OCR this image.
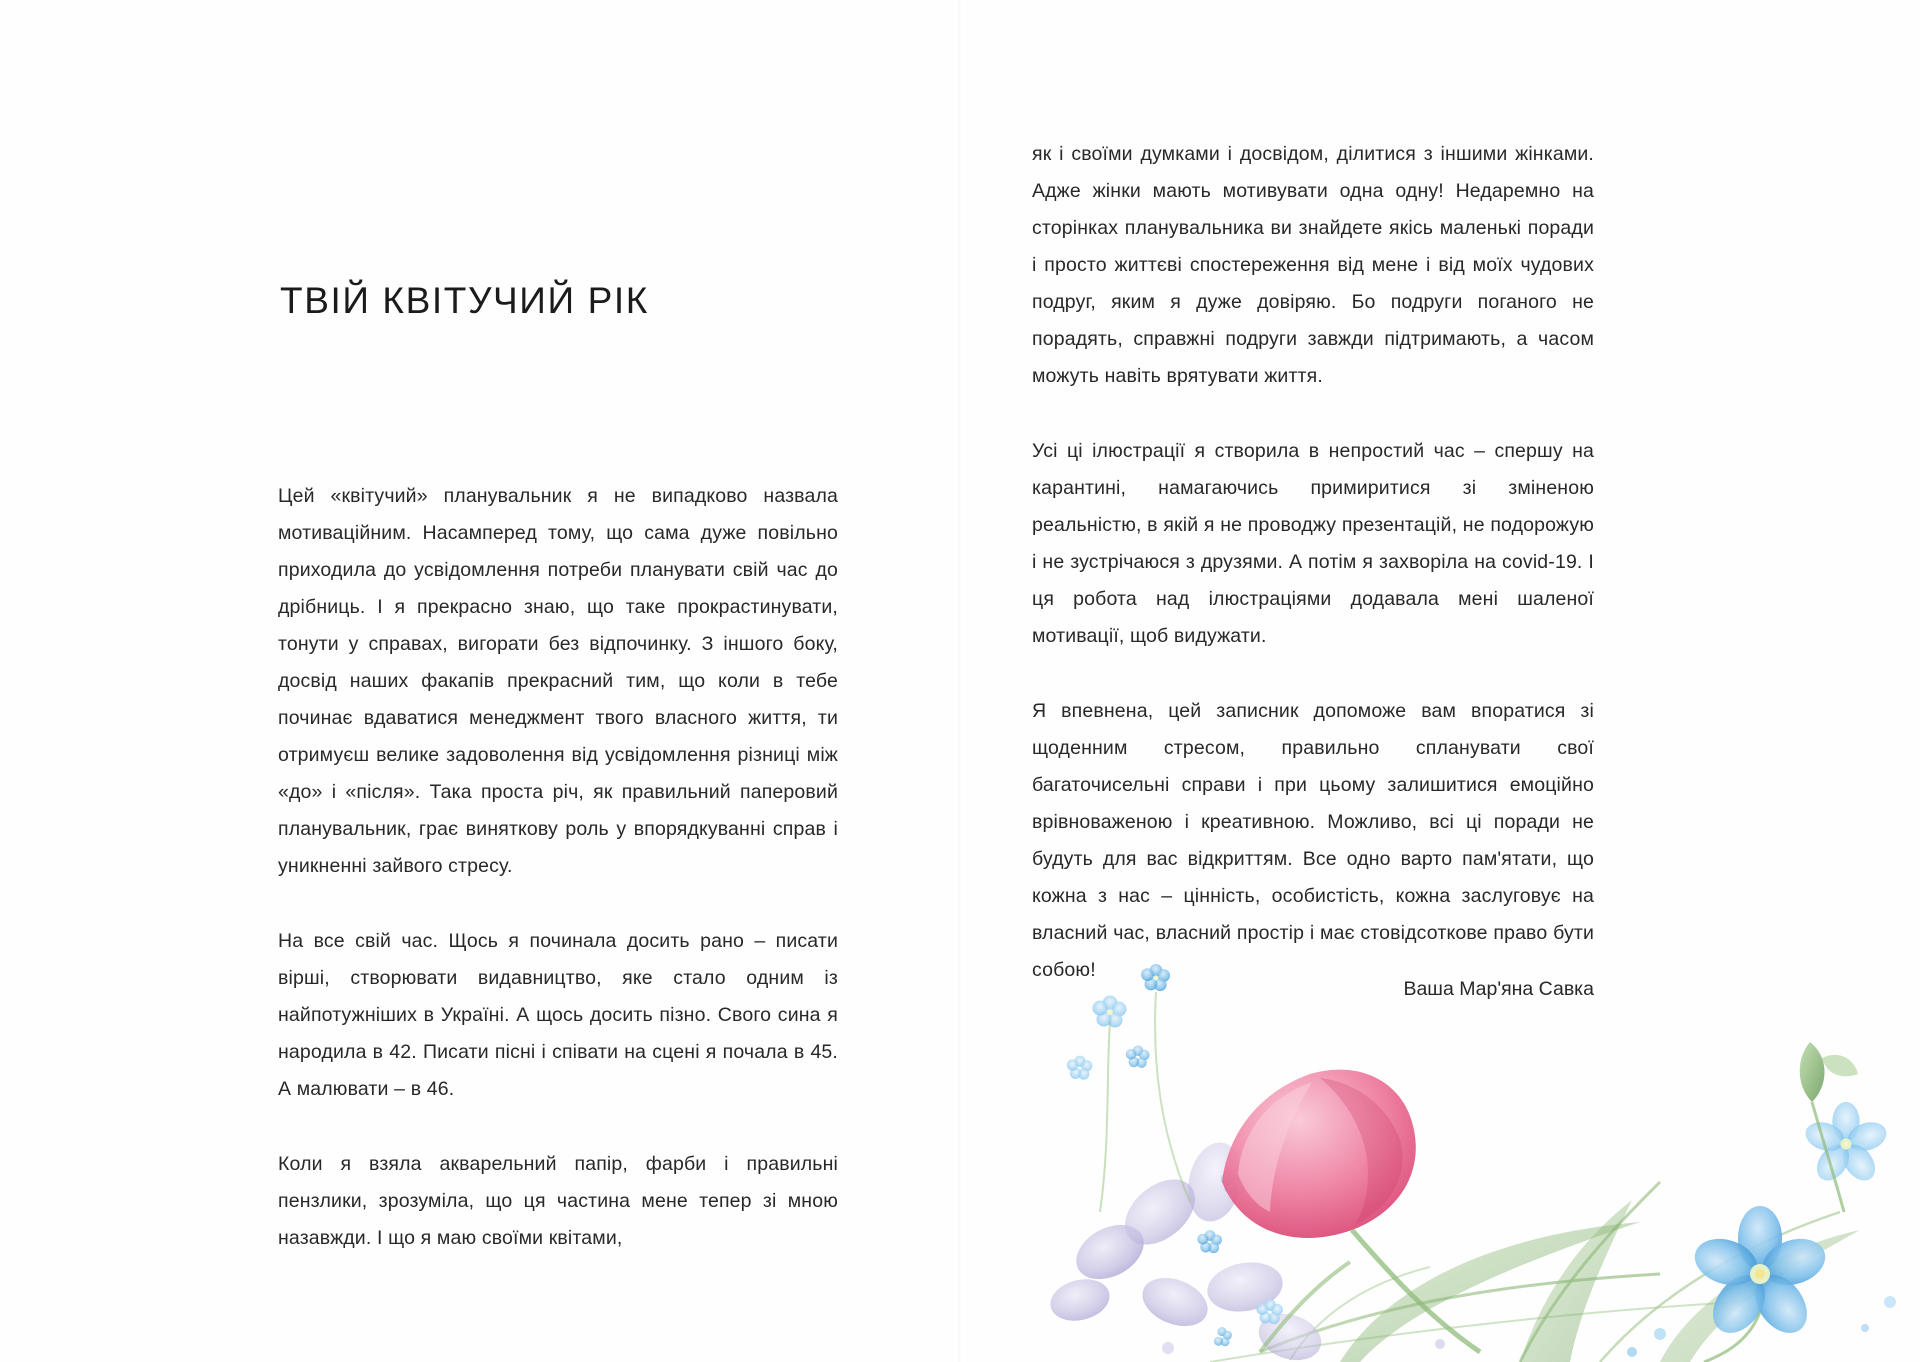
ТВІЙ КВІТУЧИЙ РІК

Цей «квітучий» планувальник я не випадково назвала мотиваційним. Насамперед тому, що сама дуже повільно приходила до усвідомлення потреби планувати свій час до дрібниць. І я прекрасно знаю, що таке прокрастинувати, тонути у справах, вигорати без відпочинку. З іншого боку, досвід наших факапів прекрасний тим, що коли в тебе починає вдаватися менеджмент твого власного життя, ти отримуєш велике задоволення від усвідомлення різниці між «до» і «після». Така проста річ, як правильний паперовий планувальник, грає виняткову роль у впорядкуванні справ і уникненні зайвого стресу.

На все свій час. Щось я починала досить рано – писати вірші, створювати видавництво, яке стало одним із найпотужніших в Україні. А щось досить пізно. Свого сина я народила в 42. Писати пісні і співати на сцені я почала в 45. А малювати – в 46.

Коли я взяла акварельний папір, фарби і правильні пензлики, зрозуміла, що ця частина мене тепер зі мною назавжди. І що я маю своїми квітами,

як і своїми думками і досвідом, ділитися з іншими жінками. Адже жінки мають мотивувати одна одну! Недаремно на сторінках планувальника ви знайдете якісь маленькі поради і просто життєві спостереження від мене і від моїх чудових подруг, яким я дуже довіряю. Бо подруги поганого не порадять, справжні подруги завжди підтримають, а часом можуть навіть врятувати життя.

Усі ці ілюстрації я створила в непростий час – спершу на карантині, намагаючись примиритися зі зміненою реальністю, в якій я не проводжу презентацій, не подорожую і не зустрічаюся з друзями. А потім я захворіла на covid-19. І ця робота над ілюстраціями додавала мені шаленої мотивації, щоб видужати.

Я впевнена, цей записник допоможе вам впоратися зі щоденним стресом, правильно спланувати свої багаточисельні справи і при цьому залишитися емоційно врівноваженою і креативною. Можливо, всі ці поради не будуть для вас відкриттям. Все одно варто пам'ятати, що кожна з нас – цінність, особистість, кожна заслуговує на власний час, власний простір і має стовідсоткове право бути собою!

Ваша Мар'яна Савка
